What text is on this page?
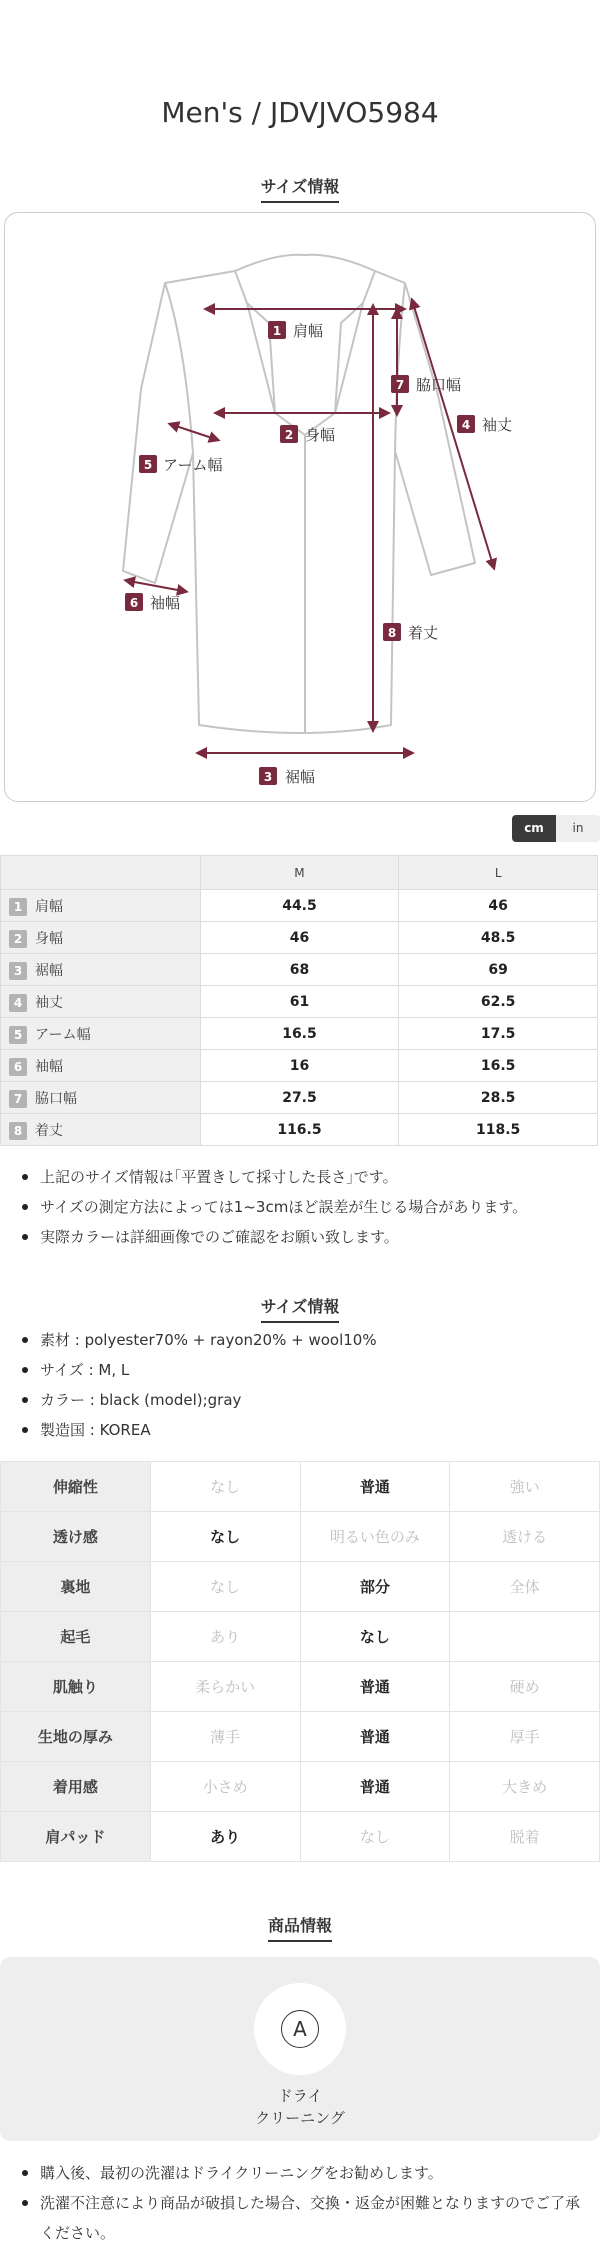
Men's / JDVJVO5984
サイズ情報
1 肩幅
2 身幅
3 裾幅
4 袖丈
5 アーム幅
6 袖幅
7 脇口幅
8 着丈
cm	in
	M	L
1 肩幅	44.5	46
2 身幅	46	48.5
3 裾幅	68	69
4 袖丈	61	62.5
5 アーム幅	16.5	17.5
6 袖幅	16	16.5
7 脇口幅	27.5	28.5
8 着丈	116.5	118.5
上記のサイズ情報は｢平置きして採寸した長さ｣です。
サイズの測定方法によっては1~3cmほど誤差が生じる場合があります。
実際カラーは詳細画像でのご確認をお願い致します。
サイズ情報
素材 : polyester70% + rayon20% + wool10%
サイズ : M, L
カラー : black (model);gray
製造国 : KOREA
伸縮性	なし	普通	強い
透け感	なし	明るい色のみ	透ける
裏地	なし	部分	全体
起毛	あり	なし	
肌触り	柔らかい	普通	硬め
生地の厚み	薄手	普通	厚手
着用感	小さめ	普通	大きめ
肩パッド	あり	なし	脱着
商品情報
A
ドライ
クリーニング
購入後、最初の洗濯はドライクリーニングをお勧めします。
洗濯不注意により商品が破損した場合、交換・返金が困難となりますのでご了承ください。
